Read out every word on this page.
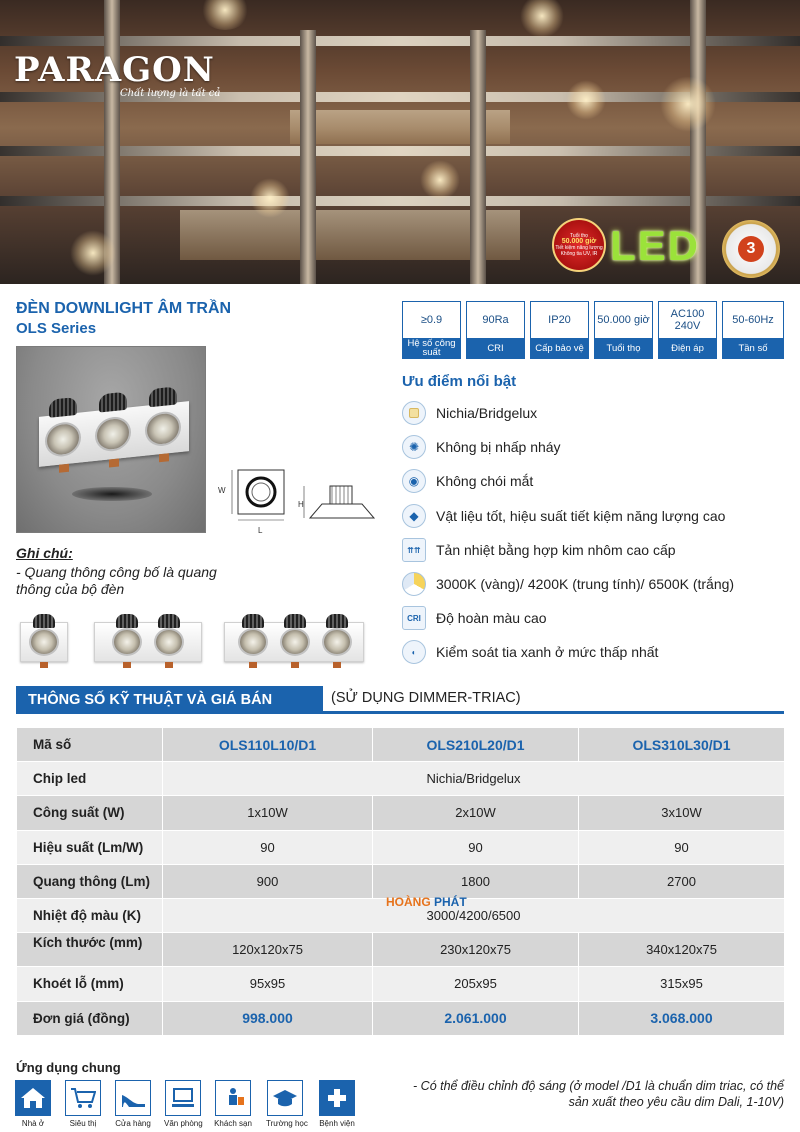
PARAGON
Chất lượng là tất cả
Tuổi thọ
50.000 giờ
Tiết kiệm năng lượng
Không tia UV, IR LED	3
ĐÈN DOWNLIGHT ÂM TRẦN
OLS Series
W
L
H
Ghi chú:
- Quang thông công bố là quang thông của bộ đèn
≥0.9
Hệ số công suất
90Ra
CRI
IP20
Cấp bảo vệ
50.000 giờ
Tuổi thọ
AC100 240V
Điện áp
50-60Hz
Tần số
Ưu điểm nổi bật
Nichia/Bridgelux
✺	Không bị nhấp nháy
◉	Không chói mắt
◆	Vật liệu tốt, hiệu suất tiết kiệm năng lượng cao
⇈⇈	Tản nhiệt bằng hợp kim nhôm cao cấp
3000K (vàng)/ 4200K (trung tính)/ 6500K (trắng)
CRI	Độ hoàn màu cao
◐	Kiểm soát tia xanh ở mức thấp nhất
THÔNG SỐ KỸ THUẬT VÀ GIÁ BÁN	(SỬ DỤNG DIMMER-TRIAC)
Mã số	OLS110L10/D1	OLS210L20/D1	OLS310L30/D1
Chip led	Nichia/Bridgelux		
Công suất (W)	1x10W	2x10W	3x10W
Hiệu suất (Lm/W)	90	90	90
Quang thông (Lm)	900	1800	2700
Nhiệt độ màu (K)	3000/4200/6500		
Kích thước (mm)	120x120x75	230x120x75	340x120x75
Khoét lỗ (mm)	95x95	205x95	315x95
Đơn giá (đồng)	998.000	2.061.000	3.068.000
HOÀNG PHÁT
Ứng dụng chung
Nhà ở	Siêu thị	Cửa hàng Văn phòng Khách sạn Trường học Bệnh viện
- Có thể điều chỉnh độ sáng (ở model /D1 là chuẩn dim triac, có thể sản xuất theo yêu cầu dim Dali, 1-10V)
